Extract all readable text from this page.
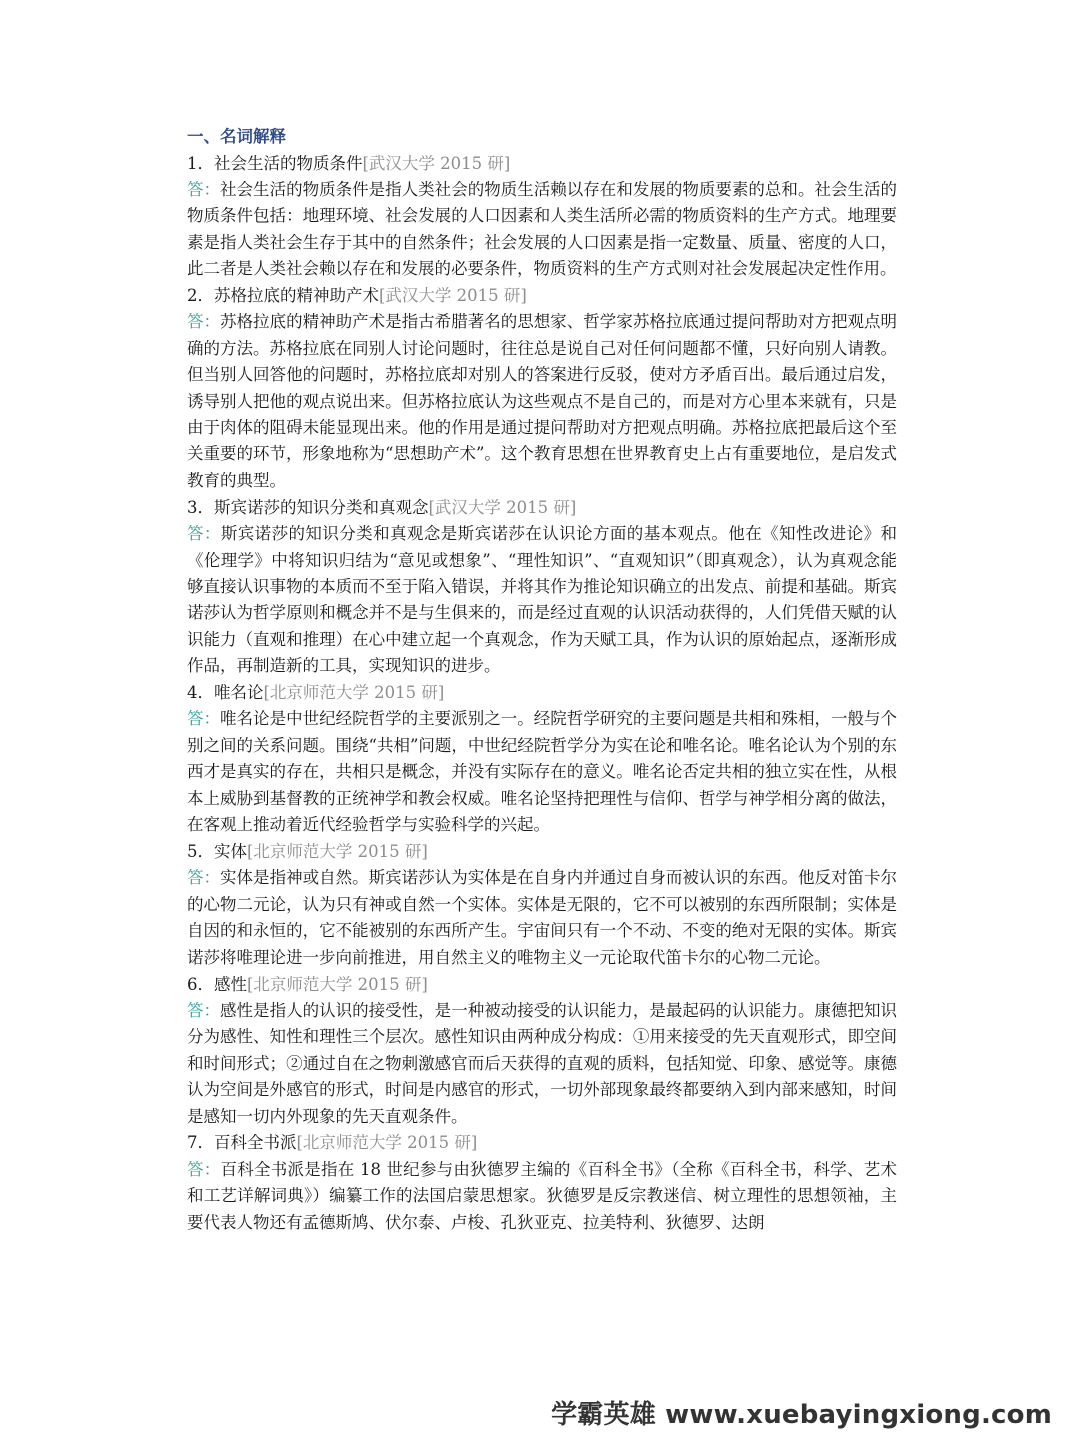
一、名词解释
1．社会生活的物质条件[武汉大学 2015 研]

答：社会生活的物质条件是指人类社会的物质生活赖以存在和发展的物质要素的总和。社会生活的物质条件包括：地理环境、社会发展的人口因素和人类生活所必需的物质资料的生产方式。地理要素是指人类社会生存于其中的自然条件；社会发展的人口因素是指一定数量、质量、密度的人口，此二者是人类社会赖以存在和发展的必要条件，物质资料的生产方式则对社会发展起决定性作用。

2．苏格拉底的精神助产术[武汉大学 2015 研]

答：苏格拉底的精神助产术是指古希腊著名的思想家、哲学家苏格拉底通过提问帮助对方把观点明确的方法。苏格拉底在同别人讨论问题时，往往总是说自己对任何问题都不懂，只好向别人请教。但当别人回答他的问题时，苏格拉底却对别人的答案进行反驳，使对方矛盾百出。最后通过启发，诱导别人把他的观点说出来。但苏格拉底认为这些观点不是自己的，而是对方心里本来就有，只是由于肉体的阻碍未能显现出来。他的作用是通过提问帮助对方把观点明确。苏格拉底把最后这个至关重要的环节，形象地称为“思想助产术”。这个教育思想在世界教育史上占有重要地位，是启发式教育的典型。

3．斯宾诺莎的知识分类和真观念[武汉大学 2015 研]

答：斯宾诺莎的知识分类和真观念是斯宾诺莎在认识论方面的基本观点。他在《知性改进论》和《伦理学》中将知识归结为“意见或想象”、“理性知识”、“直观知识”（即真观念），认为真观念能够直接认识事物的本质而不至于陷入错误，并将其作为推论知识确立的出发点、前提和基础。斯宾诺莎认为哲学原则和概念并不是与生俱来的，而是经过直观的认识活动获得的，人们凭借天赋的认识能力（直观和推理）在心中建立起一个真观念，作为天赋工具，作为认识的原始起点，逐渐形成作品，再制造新的工具，实现知识的进步。

4．唯名论[北京师范大学 2015 研]

答：唯名论是中世纪经院哲学的主要派别之一。经院哲学研究的主要问题是共相和殊相，一般与个别之间的关系问题。围绕“共相”问题，中世纪经院哲学分为实在论和唯名论。唯名论认为个别的东西才是真实的存在，共相只是概念，并没有实际存在的意义。唯名论否定共相的独立实在性，从根本上威胁到基督教的正统神学和教会权威。唯名论坚持把理性与信仰、哲学与神学相分离的做法，在客观上推动着近代经验哲学与实验科学的兴起。

5．实体[北京师范大学 2015 研]

答：实体是指神或自然。斯宾诺莎认为实体是在自身内并通过自身而被认识的东西。他反对笛卡尔的心物二元论，认为只有神或自然一个实体。实体是无限的，它不可以被别的东西所限制；实体是自因的和永恒的，它不能被别的东西所产生。宇宙间只有一个不动、不变的绝对无限的实体。斯宾诺莎将唯理论进一步向前推进，用自然主义的唯物主义一元论取代笛卡尔的心物二元论。

6．感性[北京师范大学 2015 研]

答：感性是指人的认识的接受性，是一种被动接受的认识能力，是最起码的认识能力。康德把知识分为感性、知性和理性三个层次。感性知识由两种成分构成：①用来接受的先天直观形式，即空间和时间形式；②通过自在之物刺激感官而后天获得的直观的质料，包括知觉、印象、感觉等。康德认为空间是外感官的形式，时间是内感官的形式，一切外部现象最终都要纳入到内部来感知，时间是感知一切内外现象的先天直观条件。

7．百科全书派[北京师范大学 2015 研]

答：百科全书派是指在 18 世纪参与由狄德罗主编的《百科全书》（全称《百科全书，科学、艺术和工艺详解词典》）编纂工作的法国启蒙思想家。狄德罗是反宗教迷信、树立理性的思想领袖，主要代表人物还有孟德斯鸠、伏尔泰、卢梭、孔狄亚克、拉美特利、狄德罗、达朗

学霸英雄 www.xuebayingxiong.com
